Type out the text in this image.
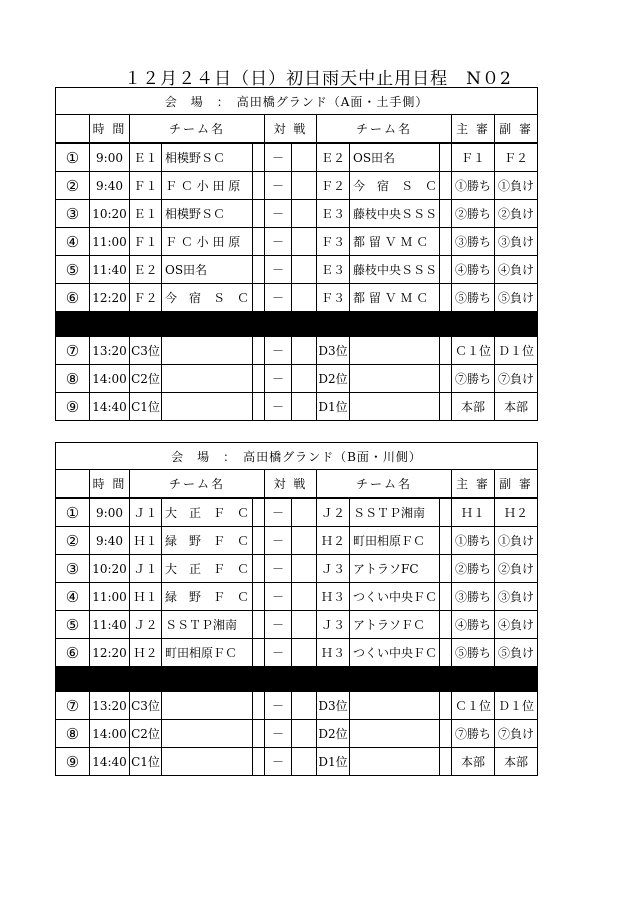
１２月２４日（日）初日雨天中止用日程　N０2
会　場　：　高田橋グランド（A面・土手側）											
	時 間	チーム名			対 戦		チーム名			主 審	副 審
①	9:00	Ｅ１	相模野ＳＣ		－		Ｅ２	OS田名		Ｆ１	Ｆ２
②	9:40	Ｆ１	Ｆ Ｃ 小 田 原		－		Ｆ２	今　宿　Ｓ　Ｃ		①勝ち	①負け
③	10:20	Ｅ１	相模野ＳＣ		－		Ｅ３	藤枝中央ＳＳＳ		②勝ち	②負け
④	11:00	Ｆ１	Ｆ Ｃ 小 田 原		－		Ｆ３	都 留 Ｖ Ｍ Ｃ		③勝ち	③負け
⑤	11:40	Ｅ２	OS田名		－		Ｅ３	藤枝中央ＳＳＳ		④勝ち	④負け
⑥	12:20	Ｆ２	今　宿　Ｓ　Ｃ		－		Ｆ３	都 留 Ｖ Ｍ Ｃ		⑤勝ち	⑤負け

⑦	13:20	C3位			－		D3位			Ｃ１位	Ｄ１位
⑧	14:00	C2位			－		D2位			⑦勝ち	⑦負け
⑨	14:40	C1位			－		D1位			本部	本部
会　場　：　高田橋グランド（B面・川側）											
	時 間	チーム名			対 戦		チーム名			主 審	副 審
①	9:00	Ｊ１	大　正　Ｆ　Ｃ		－		Ｊ２	ＳＳＴＰ湘南		Ｈ１	Ｈ２
②	9:40	Ｈ１	緑　野　Ｆ　Ｃ		－		Ｈ２	町田相原ＦＣ		①勝ち	①負け
③	10:20	Ｊ１	大　正　Ｆ　Ｃ		－		Ｊ３	アトラソFC		②勝ち	②負け
④	11:00	Ｈ１	緑　野　Ｆ　Ｃ		－		Ｈ３	つくい中央ＦＣ		③勝ち	③負け
⑤	11:40	Ｊ２	ＳＳＴＰ湘南		－		Ｊ３	アトラソＦＣ		④勝ち	④負け
⑥	12:20	Ｈ２	町田相原ＦＣ		－		Ｈ３	つくい中央ＦＣ		⑤勝ち	⑤負け

⑦	13:20	C3位			－		D3位			Ｃ１位	Ｄ１位
⑧	14:00	C2位			－		D2位			⑦勝ち	⑦負け
⑨	14:40	C1位			－		D1位			本部	本部
